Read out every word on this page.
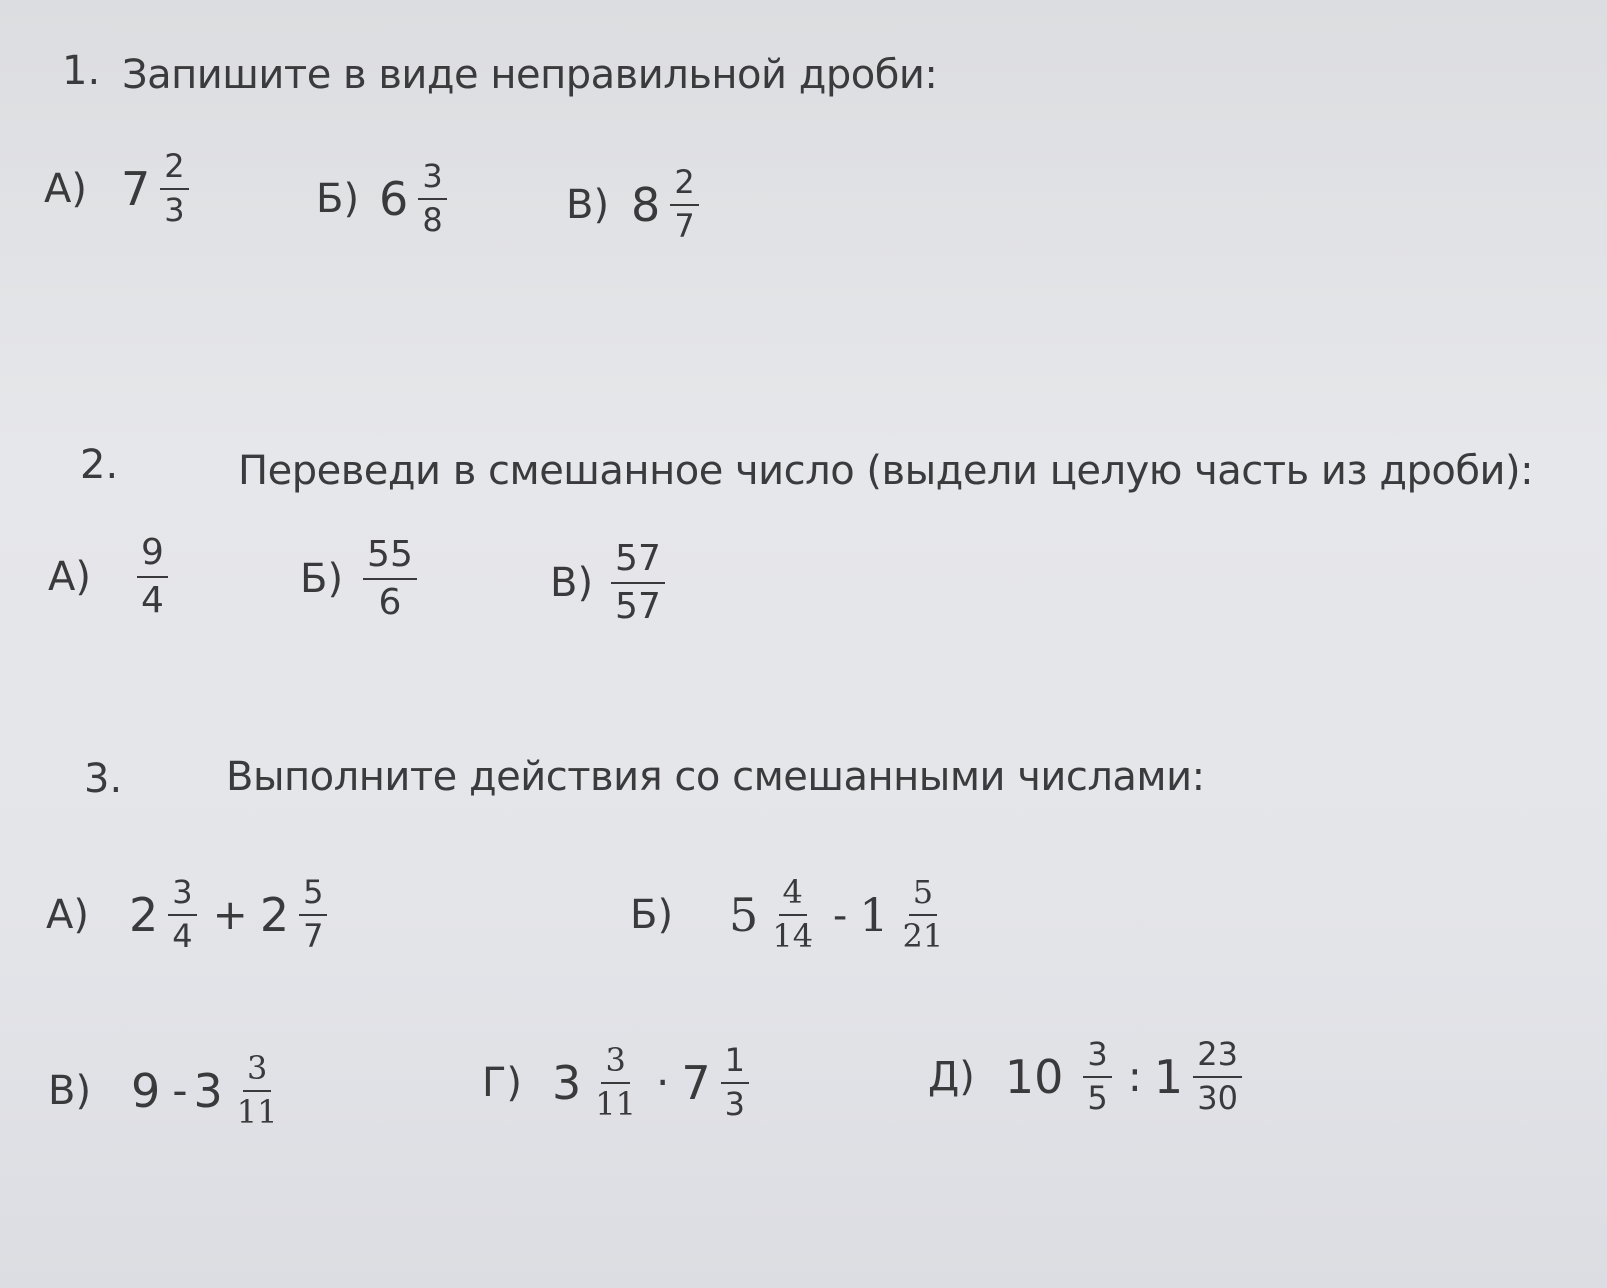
1. Запишите в виде неправильной дроби:
А) $7 \frac{2}{3}$	Б) $6 \frac{3}{8}$	В) $8 \frac{2}{7}$
2.	Переведи в смешанное число (выдели целую часть из дроби):
$А) \frac{9}{4}$	$Б) \frac{55}{6}$	$В) \frac{57}{57}$
3.	Выполните действия со смешанными числами:
А) $2 \frac{3}{4} + 2 \frac{5}{7}$	Б) $5 \frac{4}{14} - 1 \frac{5}{21}$
В) $9 - 3 \frac{3}{11}$	Г) $3 \frac{3}{11} \cdot 7 \frac{1}{3}$	Д) $10 \frac{3}{5}$ : $1 \frac{23}{30}$
